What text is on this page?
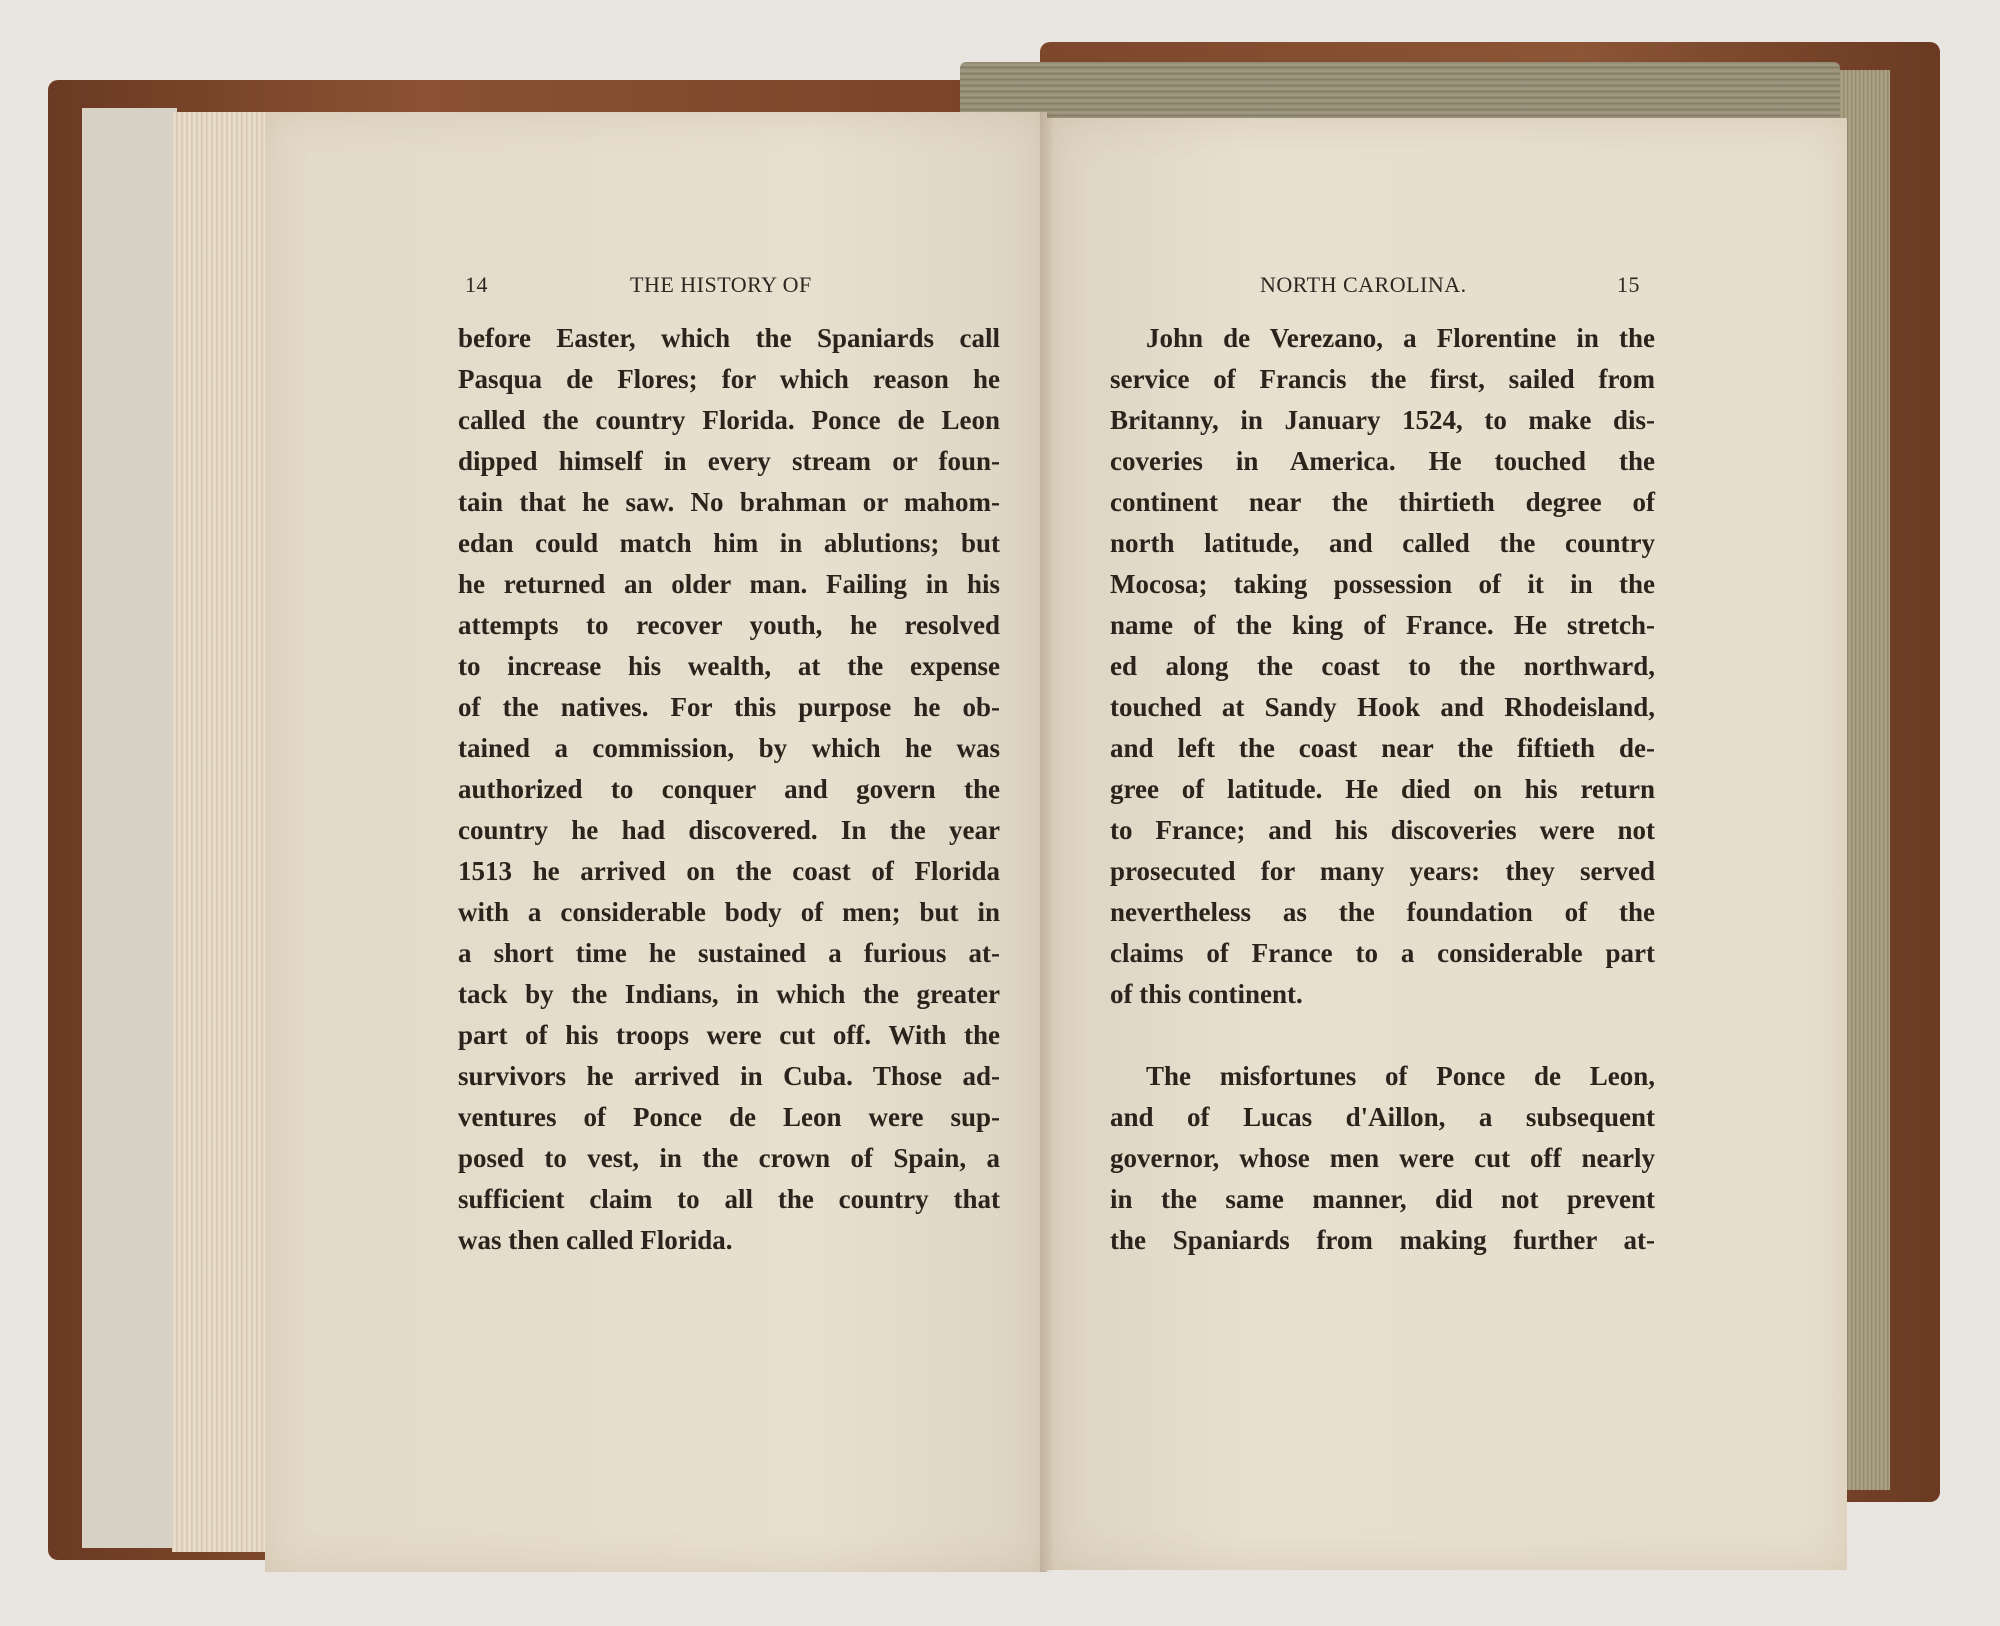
14	THE HISTORY OF	NORTH CAROLINA.	15
before Easter, which the Spaniards call
Pasqua de Flores; for which reason he
called the country Florida. Ponce de Leon
dipped himself in every stream or foun-
tain that he saw. No brahman or mahom-
edan could match him in ablutions; but
he returned an older man. Failing in his
attempts to recover youth, he resolved
to increase his wealth, at the expense
of the natives. For this purpose he ob-
tained a commission, by which he was
authorized to conquer and govern the
country he had discovered. In the year
1513 he arrived on the coast of Florida
with a considerable body of men; but in
a short time he sustained a furious at-
tack by the Indians, in which the greater
part of his troops were cut off. With the
survivors he arrived in Cuba. Those ad-
ventures of Ponce de Leon were sup-
posed to vest, in the crown of Spain, a
sufficient claim to all the country that
was then called Florida.
John de Verezano, a Florentine in the
service of Francis the first, sailed from
Britanny, in January 1524, to make dis-
coveries in America. He touched the
continent near the thirtieth degree of
north latitude, and called the country
Mocosa; taking possession of it in the
name of the king of France. He stretch-
ed along the coast to the northward,
touched at Sandy Hook and Rhodeisland,
and left the coast near the fiftieth de-
gree of latitude. He died on his return
to France; and his discoveries were not
prosecuted for many years: they served
nevertheless as the foundation of the
claims of France to a considerable part
of this continent.
The misfortunes of Ponce de Leon,
and of Lucas d'Aillon, a subsequent
governor, whose men were cut off nearly
in the same manner, did not prevent
the Spaniards from making further at-
